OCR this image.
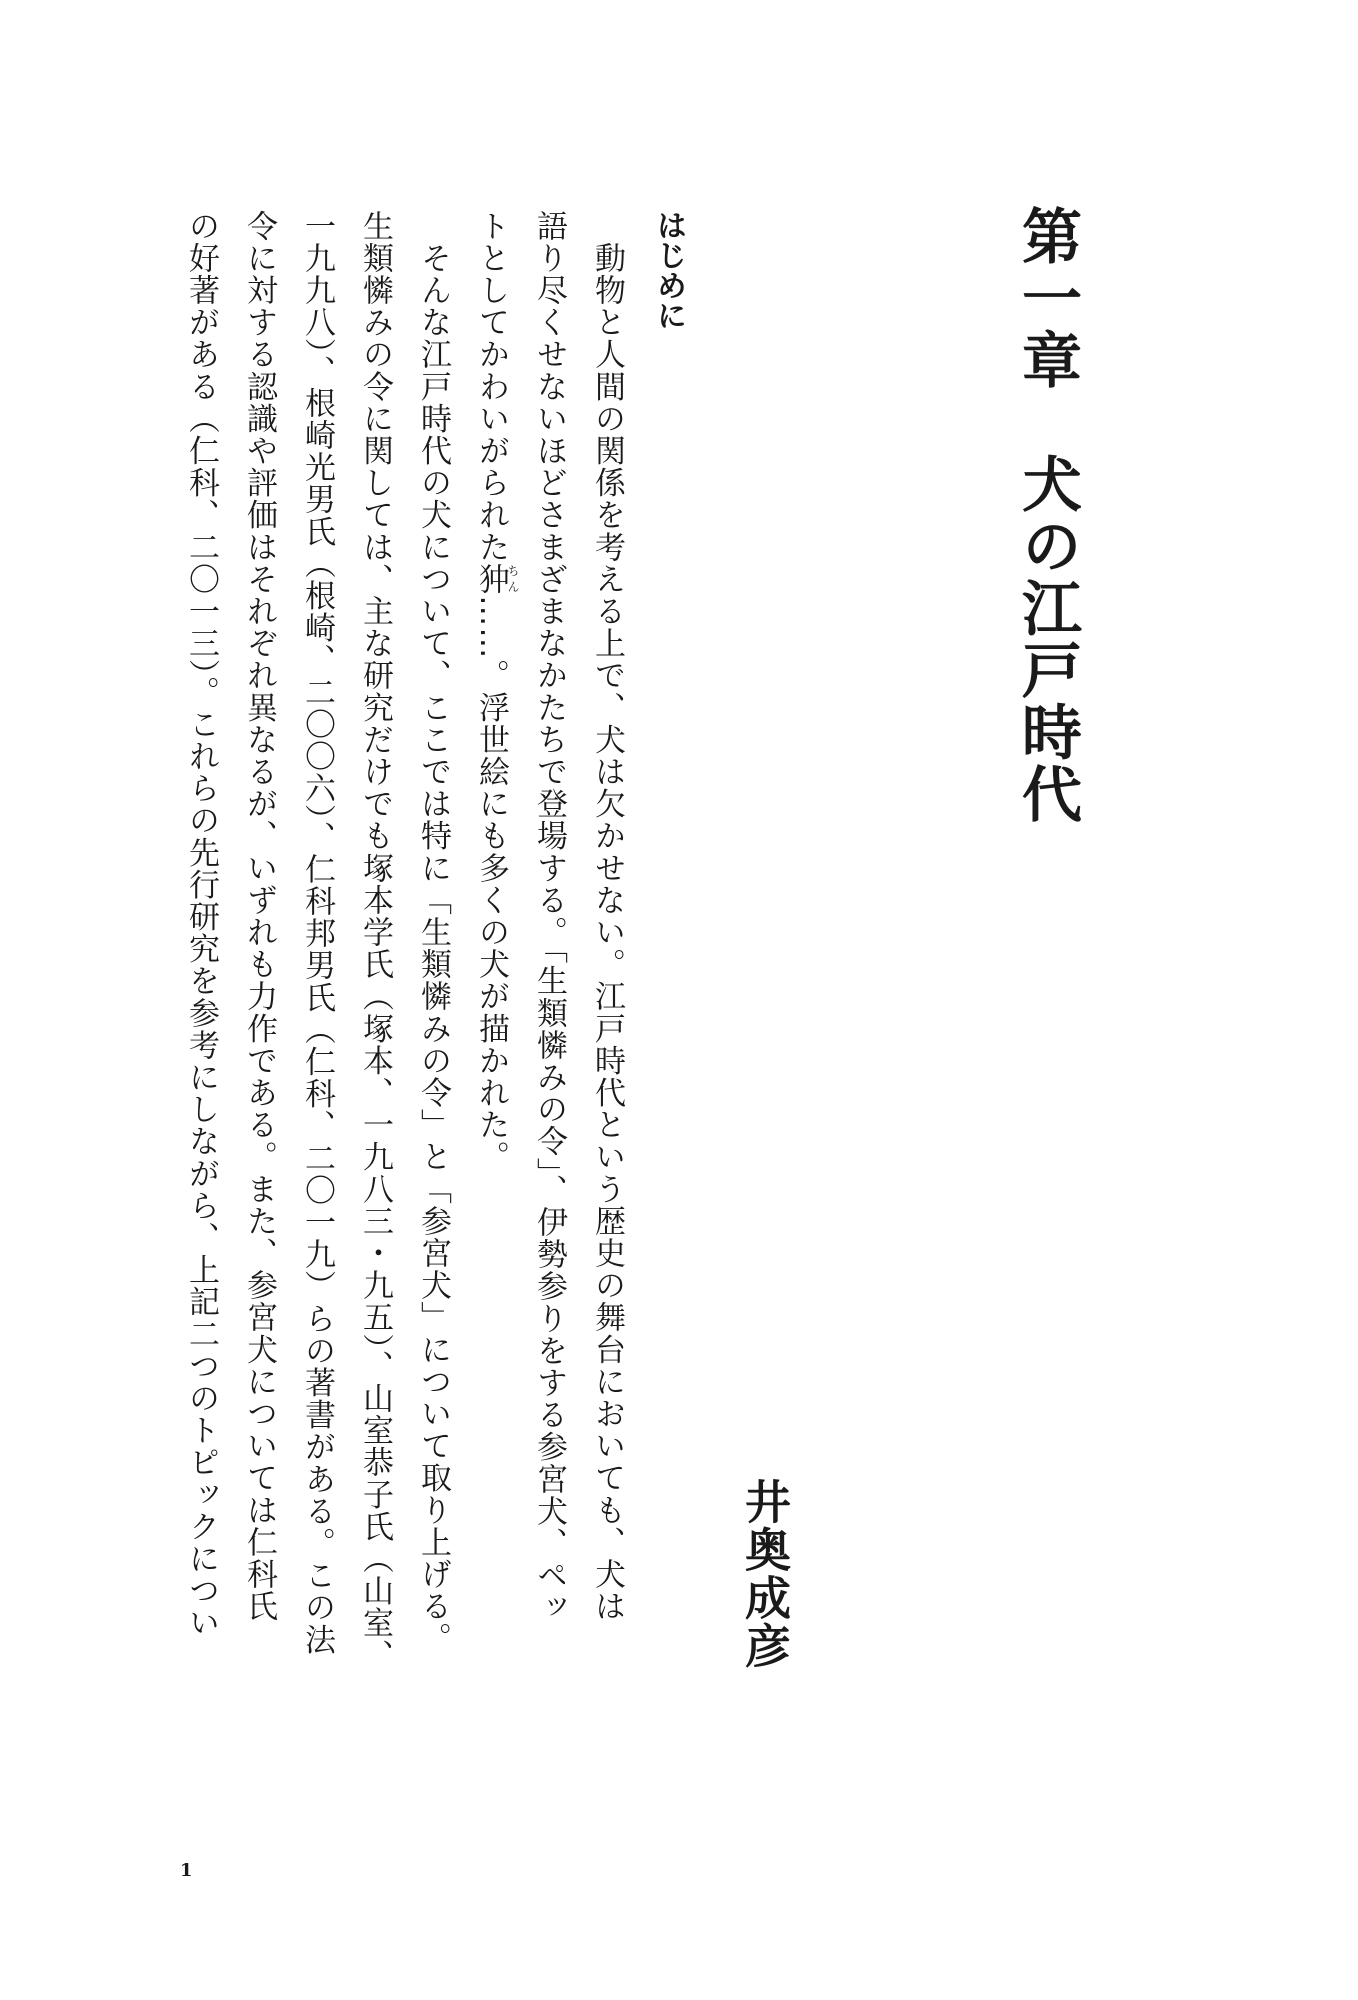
第一章　犬の江戸時代
井奥成彦
はじめに
　動物と人間の関係を考える上で、犬は欠かせない。江戸時代という歴史の舞台においても、犬は
語り尽くせないほどさまざまなかたちで登場する。「生類憐みの令」、伊勢参りをする参宮犬、ペッ
トとしてかわいがられた狆ちん……。浮世絵にも多くの犬が描かれた。
　そんな江戸時代の犬について、ここでは特に「生類憐みの令」と「参宮犬」について取り上げる。
生類憐みの令に関しては、主な研究だけでも塚本学氏（塚本、一九八三・九五）、山室恭子氏（山室、
一九九八）、根崎光男氏（根崎、二〇〇六）、仁科邦男氏（仁科、二〇一九）らの著書がある。この法
令に対する認識や評価はそれぞれ異なるが、いずれも力作である。また、参宮犬については仁科氏
の好著がある（仁科、二〇一三）。これらの先行研究を参考にしながら、上記二つのトピックについ
1
